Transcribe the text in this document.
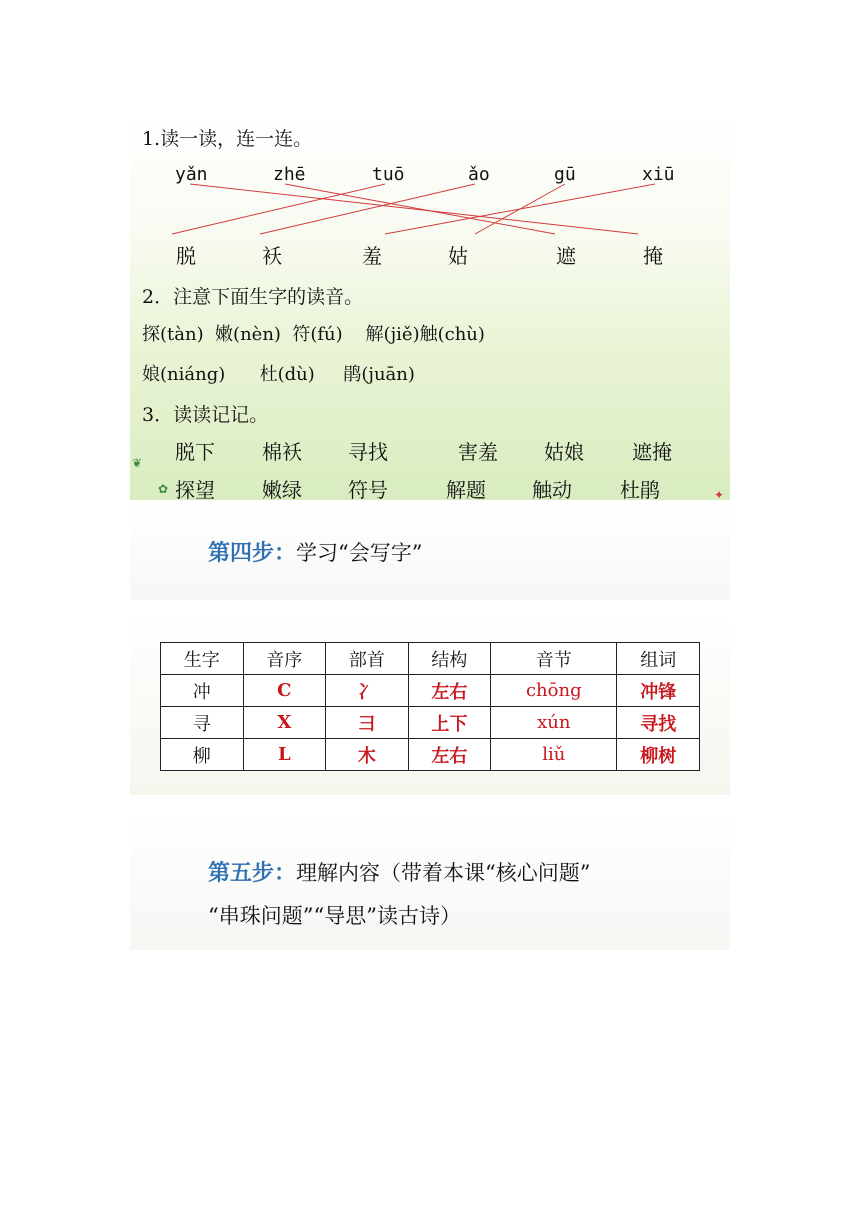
1.读一读，连一连。
yǎn	zhē	tuō	ǎo	gū	xiū
脱	袄	羞	姑	遮	掩
2．注意下面生字的读音。
探(tàn)  嫩(nèn)  符(fú)    解(jiě)触(chù)
娘(niáng)      杜(dù)     鹃(juān)
3．读读记记。
脱下 棉袄 寻找	害羞 姑娘 遮掩
探望 嫩绿 符号	解题 触动 杜鹃
❦
✿	✦
第四步：学习“会写字”
生字	音序	部首	结构	音节	组词
冲	C	冫	左右	chōng	冲锋
寻	X	彐	上下	xún	寻找
柳	L	木	左右	liǔ	柳树
第五步：理解内容（带着本课“核心问题”
“串珠问题”“导思”读古诗）
